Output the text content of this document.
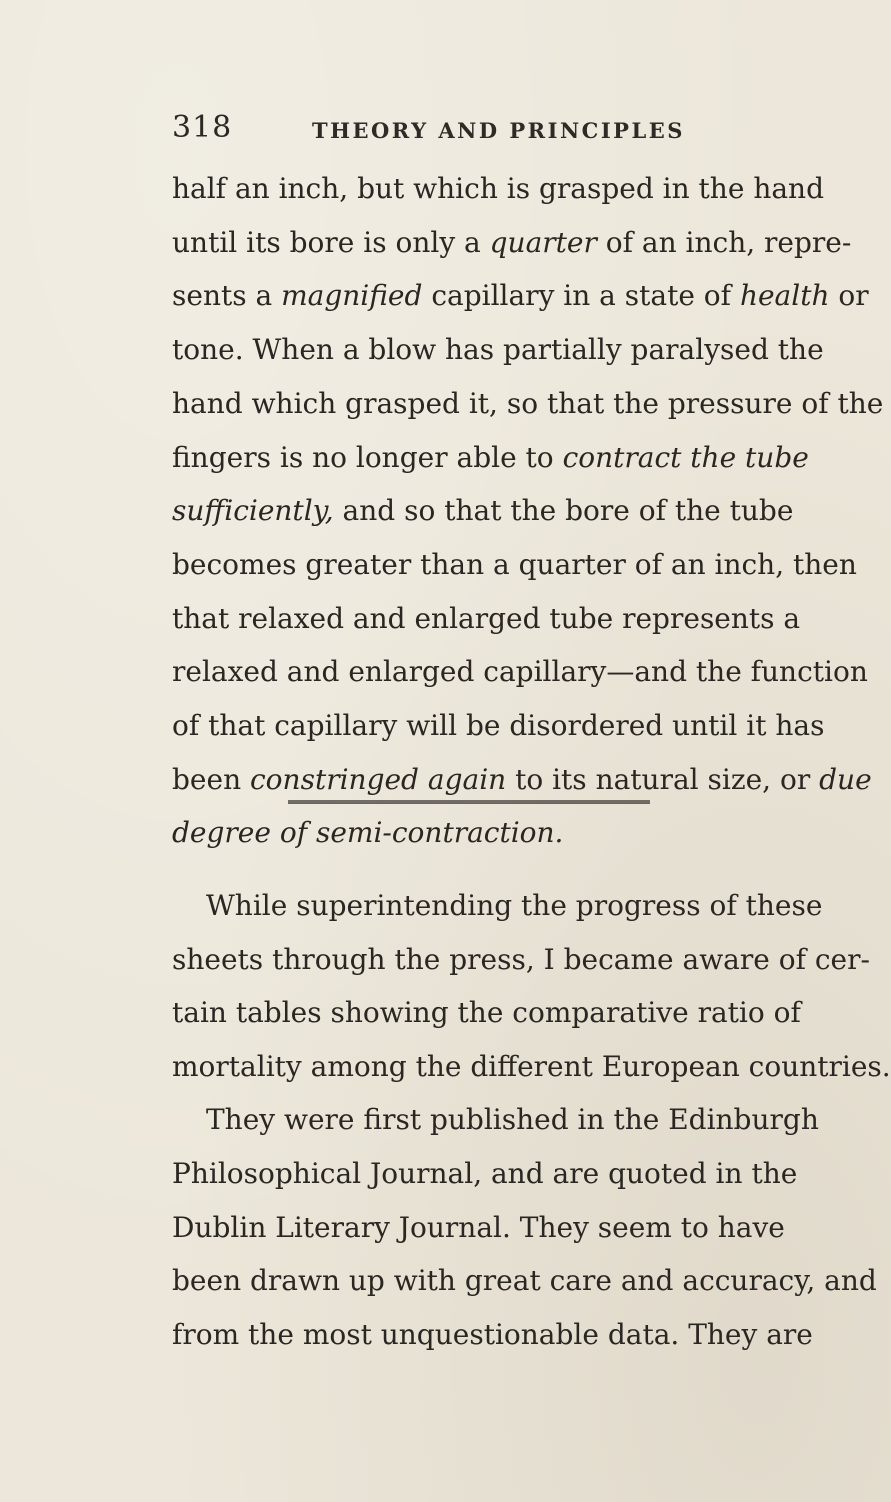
318	THEORY AND PRINCIPLES
half an inch, but which is grasped in the hand
until its bore is only a quarter of an inch, repre-
sents a magnified capillary in a state of health or
tone. When a blow has partially paralysed the
hand which grasped it, so that the pressure of the
fingers is no longer able to contract the tube
sufficiently, and so that the bore of the tube
becomes greater than a quarter of an inch, then
that relaxed and enlarged tube represents a
relaxed and enlarged capillary—and the function
of that capillary will be disordered until it has
been constringed again to its natural size, or due
degree of semi-contraction.
While superintending the progress of these
sheets through the press, I became aware of cer-
tain tables showing the comparative ratio of
mortality among the different European countries.
They were first published in the Edinburgh
Philosophical Journal, and are quoted in the
Dublin Literary Journal. They seem to have
been drawn up with great care and accuracy, and
from the most unquestionable data. They are
